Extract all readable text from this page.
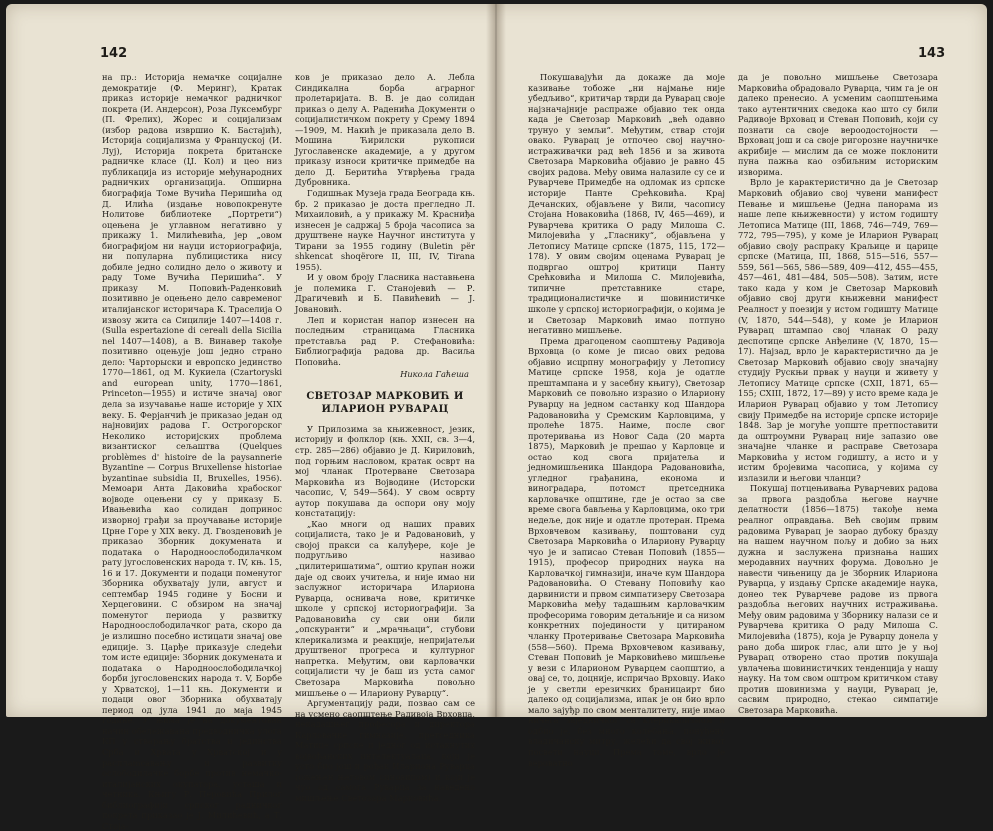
142

на пр.: Историја немачке социјалне демократије (Ф. Меринг), Кратак приказ историје немачког радничког покрета (И. Андерсон), Роза Луксембург (П. Фрелих), Жорес и социјализам (избор радова извршио К. Бастајић), Историја социјализма у Француској (И. Луј), Историја покрета британске радничке класе (Џ. Кол) и цео низ публикација из историје међународних радничких организација. Опширна биографија Томе Вучића Перишића од Д. Илића (издање новопокренуте Нолитове библиотеке „Портрети“) оцењена је углавном негативно у прикажу 1. Милићевића, јер „овом биографијом ни науци историографија, ни популарна публицистика нису добиле једно солидно дело о животу и раду Томе Вучића Перишића“. У приказу М. Поповић-Раденковић позитивно је оцењено дело савременог италијанског историчара К. Трaселија О извозу жита са Сицилије 1407—1408 г. (Sulla espertazione di cereali della Sicilia nel 1407—1408), а В. Винавер такође позитивно оцењује још једно страно дело: Чарторыски и европско јединство 1770—1861, од М. Кукиела (Czartoryski and european unity, 1770—1861, Princeton—1955) и истиче значај овог дела за изучавање наше историје у XIX веку. Б. Ферјанчић је приказао један од најновијих радова Г. Острогорског Неколико историјских проблема византиског сељаштва (Quelques problèmes d' histoire de la paysannerie Byzantine — Corpus Bruxellense historiae byzantinae subsidia II, Bruxelles, 1956). Мемоари Анта Даковића храбоског војводе оцењени су у приказу Б. Ивањевића као солидан допринос изворној грађи за проучавање историје Црне Горе у XIX веку. Д. Гвозденовић је приказао Зборник докумената и података о Народноослободилачком рату југословенских народа т. IV, књ. 15, 16 и 17. Документи и подаци поменутог Зборника обухватају јули, август и септембар 1945 године у Босни и Херцеговини. С обзиром на значај поменутог периода у развитку Народноослободилачког рата, скоро да је излишно посебно истицати значај ове едиције. З. Царђе приказује следећи том исте едиције: Зборник докумената и података о Народноослободилачкој борби југословенских народа т. V, Борбе у Хрватској, 1—11 књ. Документи и подаци овог Зборника обухватају период од јула 1941 до маја 1945 године. У њима је на документован начин обележавана предводничка улога КП у стварању братства и јединства Срба и Хрвата у Хрватској и у расплamсавању и развитку ослободилачке борбе против немачко-италијанских окупатора, усташа и четника. Књигу Р. Перовића Прилог библиографији српског радничког покрета приказао је Ј. Милићевић, а Т. Стоја-

ков је приказао дело А. Лебла Синдикална борба аграрног пролетаријата. В. В. је дао солидан приказ о делу А. Раденића Документи о социјалистичком покрету у Срему 1894—1909, М. Накић је приказала дело В. Мошина Ћирилски рукописи Југославенске академије, а у другом приказу износи критичке примедбе на дело Д. Беритића Утврђења града Дубровника.

Годишњак Музеја града Београда књ. бр. 2 приказао је доста прегледно Л. Михаиловић, а у прикажу М. Красниђа изнесен је садржај 5 броја часописа за друштвене науке Научног института у Тирани за 1955 годину (Buletin për shkencat shoqërore II, III, IV, Tirana 1955).

И у овом броју Гласника наставњена је полемика Г. Станојевић — Р. Драгичевић и Б. Павићевић — Ј. Јовановић.

Леп и користан напор изнесен на последњим страницама Гласника претставља рад Р. Стефановића: Библиографија радова др. Васиља Поповића.

Никола Гаћеша
СВЕТОЗАР МАРКОВИЋ И ИЛАРИОН РУВАРАЦ

У Прилозима за књижевност, језик, историју и фолклор (књ. XXII, св. 3—4, стр. 285—286) објавио је Д. Кириловић, под горњим насловом, кратак осврт на мој чланак Протерване Светозара Марковића из Војводине (Исторски часопис, V, 549—564). У свом осврту аутор покушава да оспори ону моју констатацију:

„Као многи од наших правих социјалиста, тако је и Радовановић, у својој пракси са калуђере, које је подругљиво називао „цилитеришатима“, оштио крупан ножи дајe од своих учитеља, и није имао ни заслужног историчара Илариона Руварца, оснивача нове, критичке школе у српској историографији. За Радовановића су сви они били „опскуранти“ и „мрачњаци“, стубови клерикализма и реакције, непријатељи друштвеног прогреса и културног напретка. Међутим, ови карловачки социјалисти чу је баш из уста самог Светозара Марковића повољно мишљење о — Илариону Руварцу“.

Аргументацију ради, позвао сам се на усмено саопштење Радивоја Врховца, некадашњег професора и директора Карловачке гимназије, претседника Матице српске и једног од истакнутих војвођанских интелектуалаца, који је усто био још и рођак Илариона Руварца (ожењен његовом синовицом) и који је чуо од самога Руварца за наведено мишљење Светозара Марковића.

143

Покушавајући да докаже да моје казивање тобоже „ни најмање није убедљиво“, критичар тврди да Руварац своје најзначајније распраже објавио тек онда када је Светозар Марковић „већ одавно трунуо у земљи“. Међутим, ствар стоји овако. Руварац је отпочео свој научно-истраживачки рад већ 1856 и за живота Светозара Марковића објавио је равно 45 својих радова. Међу овима налазиле су се и Руварчеве Примедбе на одломак из српске историје Панте Срећковића. Крај Дечанских, објављене у Вили, часопису Стојана Новаковића (1868, IV, 465—469), и Руварчева критика О раду Милоша С. Милојевића у „Гласнику“, објављена у Летопису Матице српске (1875, 115, 172—178). У овим својим оценама Руварац је подвргао оштрој критици Панту Срећковића и Милоша С. Милојевића, типичне претставнике старе, традиционалистичке и шовинистичке школе у српској историографији, о којима је и Светозар Марковић имао потпуно негативно мишљење.

Према драгоценом саопштењу Радивоја Врховца (о коме је писао ових редова објавио исцрпну монографију у Летопису Матице српске 1958, која је одатле прештампана и у засебну књигу), Светозар Марковић се повољно изразио о Илариону Руварцу на једном састанку код Шандора Радовановића у Сремским Карловцима, у пролеће 1875. Наиме, после свог протеривања из Новог Сада (20 марта 1875), Марковић је прешао у Карловце и остао код свога пријатеља и једномишљеника Шандора Радовановића, угледног грађанина, економа и виноградара, потомст претседника карловачке општине, где је остао за све време свога бављења у Карловцима, око три недеље, док није и одатле протеран. Према Врховчевом казивању, поштовани суд Светозара Марковића о Илариону Руварцу чуо је и записао Стеван Поповић (1855—1915), професор природних наука на Карловачкој гимназији, иначе кум Шандора Радовановића. О Стевану Поповићу као дарвинисти и првом симпатизеру Светозара Марковића међу тадашњим карловачким професорима говорим детаљније и са низом конкретних појединости у цитираном чланку Протеривање Светозара Марковића (558—560). Према Врховчевом казивању, Стеван Поповић је Марковићево мишљење у вези с Иларионом Руварцем саопштио, а овај се, то, доцније, испричао Врховцу. Иако је у светли ерезичких браницаирт био далеко од социјализма, ипак је он био врло мало зајуђр по свом менталитету, није имао ничега заједничког са клерикализмом и одбио је, без много колебања, понуђену владичанску митру, желећи да свој живот посвети науци. Према томе, врло је вероватно

да је повољно мишљење Светозара Марковића обрадовало Руварца, чим га је он далеко пренесио. А усменим саопштењима тако аутентичних сведока као што су били Радивоје Врховац и Стеван Поповић, који су познати са своје вероодостојности — Врховац још и са своје ригорозне научничке акрибије — мислим да се може поклонити пуна пажња као озбиљним историским изворима.

Врло је карактеристично да је Светозар Марковић објавио свој чувени манифест Певање и мишљење (Једна панорама из наше лепе књижевности) у истом годишту Летописа Матице (III, 1868, 746—749, 769—772, 795—795), у коме је Иларион Руварац објавио своју распраку Краљице и царице српске (Матица, III, 1868, 515—516, 557—559, 561—565, 586—589, 409—412, 455—455, 457—461, 481—484, 505—508). Затим, исте тако када у ком је Светозар Марковић објавио свој други књижевни манифест Реалност у поезији у истом годишту Матице (V, 1870, 544—548), у коме је Иларион Руварац штампао свој чланак О раду деспотице српске Анђелине (V, 1870, 15—17). Најзад, врло је карактеристично да је Светозар Марковић објавио своју значајну студију Рускњи првак у науци и живету у Летопису Матице српске (CXII, 1871, 65—155; CXIII, 1872, 17—89) у исто време када је Иларион Руварац објавио у том Летопису свију Примедбе на историје српске историје 1848. Зар је могуће уопште претпоставити да оштроумни Руварац није запазио ове значајне чланке и расправе Светозара Марковића у истом годишту, а исто и у истим бројевима часописа, у којима су излазили и његови чланци?

Покушај потцењивања Руварчевих радова за првога раздобља његове научне делатности (1856—1875) такође нема реалног оправдања. Већ својим првим радовима Руварац је заорао дубоку бразду на нашем научном пољу и добио за њих дужна и заслужена признања наших меродавних научних форума. Довољно је навести чињеницу да је Зборник Илариона Руварца, у издању Српске академије наука, донео тек Руварчеве радове из првога раздобља његових научних истраживања. Међу овим радовима у Зборнику налази се и Руварчева критика О раду Милоша С. Милојевића (1875), која је Руварцу донела у рано доба широк глас, али што је у њој Руварац отворено стао против покушаја увлачења шовинистичких тенденција у нашу науку. На том свом оштром критичком ставу против шовинизма у науци, Руварац је, сасвим природно, стекао симпатије Светозара Марковића.
